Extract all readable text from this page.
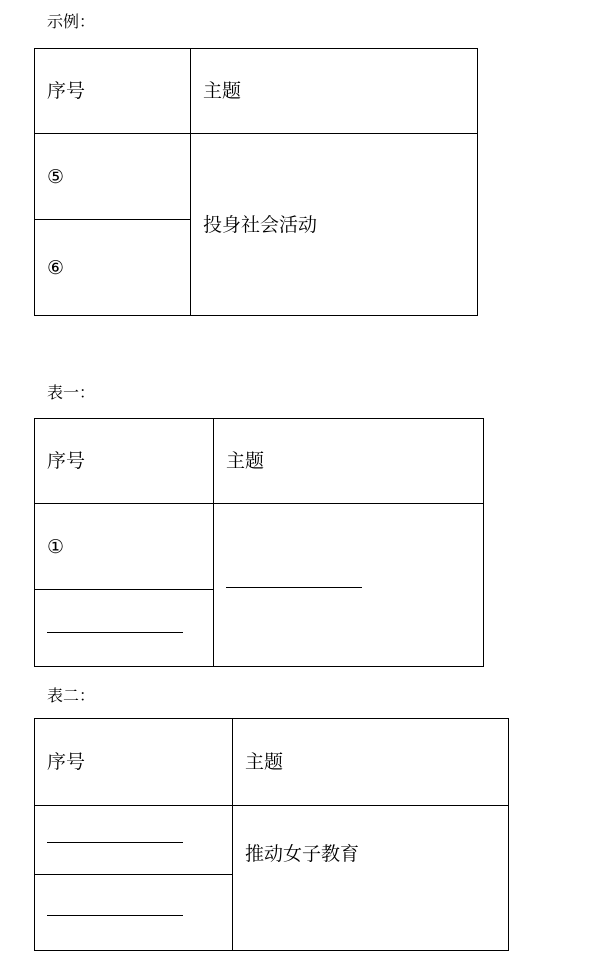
示例：
序号	主题
⑤	投身社会活动
⑥	
表一：
序号	主题
①	

表二：
序号	主题
	推动女子教育
